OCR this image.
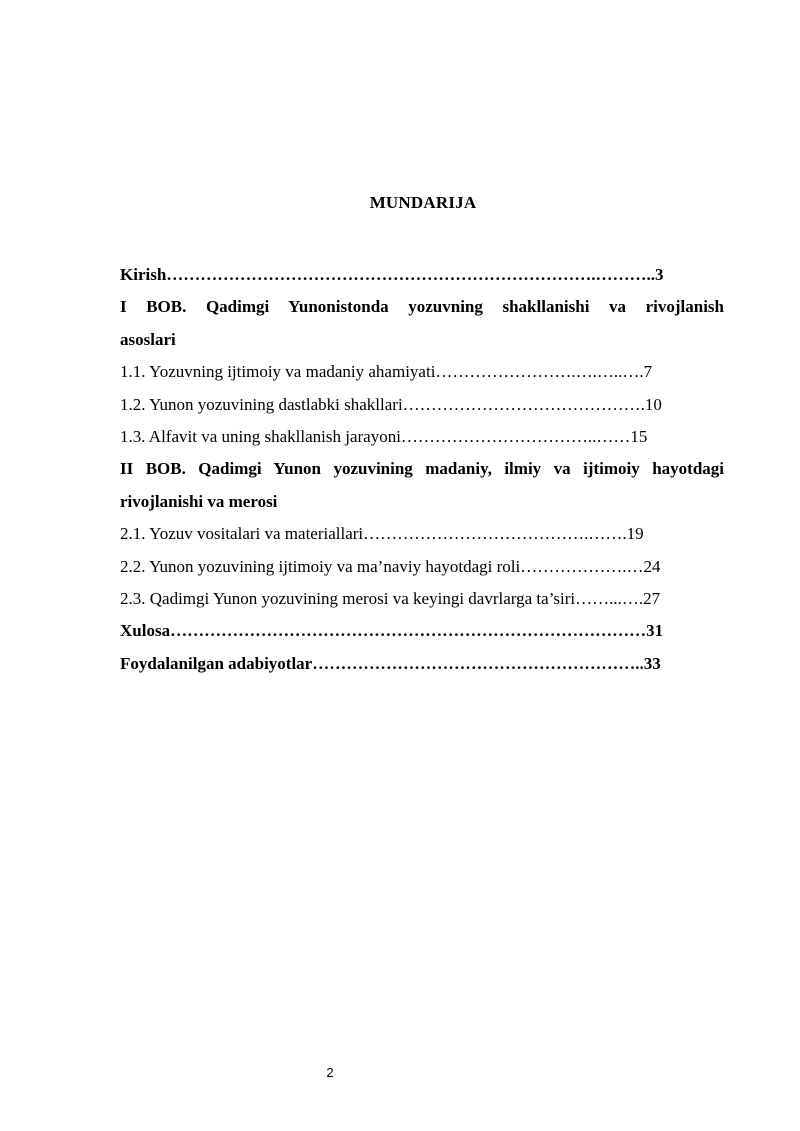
MUNDARIJA
Kirish………………………………………………………………….………..3
I BOB. Qadimgi Yunonistonda yozuvning shakllanishi va rivojlanish
asoslari
1.1. Yozuvning ijtimoiy va madaniy ahamiyati…………………….….…..….7
1.2. Yunon yozuvining dastlabki shakllari…………………………………….10
1.3. Alfavit va uning shakllanish jarayoni……………………………..……15
II BOB. Qadimgi Yunon yozuvining madaniy, ilmiy va ijtimoiy hayotdagi
rivojlanishi va merosi
2.1. Yozuv vositalari va materiallari………………………………….…….19
2.2. Yunon yozuvining ijtimoiy va ma’naviy hayotdagi roli……………….…24
2.3. Qadimgi Yunon yozuvining merosi va keyingi davrlarga ta’siri……...….27
Xulosa…………………………………………………………………………31
Foydalanilgan adabiyotlar…………………………………………………..33
2
